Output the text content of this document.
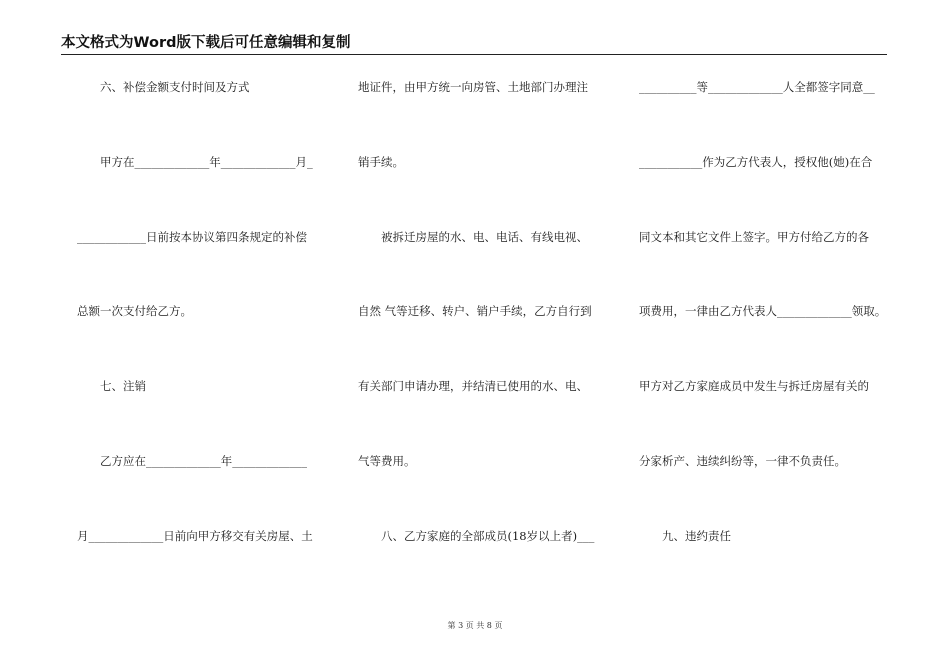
本文格式为Word版下载后可任意编辑和复制
六、补偿金额支付时间及方式
甲方在_____________年_____________月_
____________日前按本协议第四条规定的补偿
总额一次支付给乙方。
七、注销
乙方应在_____________年_____________
月_____________日前向甲方移交有关房屋、土
地证件，由甲方统一向房管、土地部门办理注
销手续。
被拆迁房屋的水、电、电话、有线电视、
自然 气等迁移、转户、销户手续，乙方自行到
有关部门申请办理，并结清已使用的水、电、
气等费用。
八、乙方家庭的全部成员(18岁以上者)___
__________等_____________人全都签字同意__
___________作为乙方代表人，授权他(她)在合
同文本和其它文件上签字。甲方付给乙方的各
项费用，一律由乙方代表人_____________领取。
甲方对乙方家庭成员中发生与拆迁房屋有关的
分家析产、违续纠纷等，一律不负责任。
九、违约责任
第 3 页 共 8 页
